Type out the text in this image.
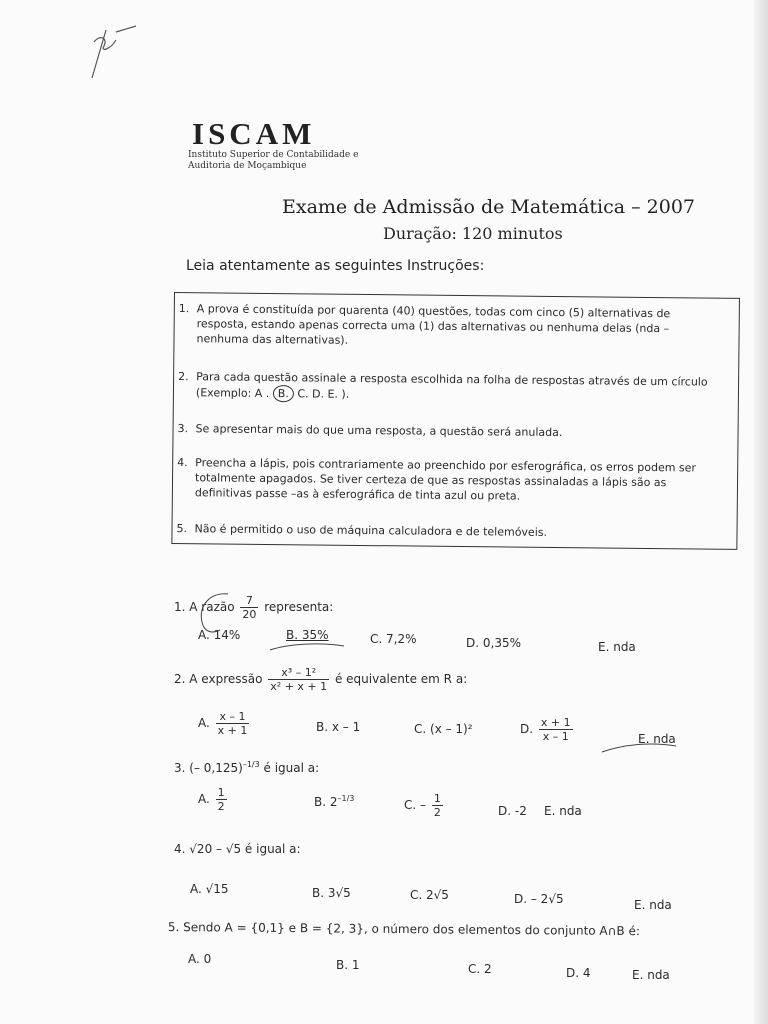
ISCAM
Instituto Superior de Contabilidade e
Auditoria de Moçambique
Exame de Admissão de Matemática – 2007
Duração: 120 minutos
Leia atentamente as seguintes Instruções:
1. A prova é constituída por quarenta (40) questões, todas com cinco (5) alternativas de resposta, estando apenas correcta uma (1) das alternativas ou nenhuma delas (nda – nenhuma das alternativas).
2. Para cada questão assinale a resposta escolhida na folha de respostas através de um círculo (Exemplo: A . B. C. D. E. ).
3. Se apresentar mais do que uma resposta, a questão será anulada.
4. Preencha a lápis, pois contrariamente ao preenchido por esferográfica, os erros podem ser totalmente apagados. Se tiver certeza de que as respostas assinaladas a lápis são as definitivas passe –as à esferográfica de tinta azul ou preta.
5. Não é permitido o uso de máquina calculadora e de telemóveis.
1. A razão $\frac{7}{20}$ representa:
A. 14%	B. 35%	C. 7,2%	D. 0,35%	E. nda
2. A expressão $\frac{\text{x³ – 1²}}{\text{x² + x + 1}}$ é equivalente em R a:
A. $\frac{x - 1}{x + 1}$	B. x – 1	C. (x – 1)²	D. $\frac{x + 1}{x - 1}$	E. nda
3. (– 0,125)$^{-1/3}$ é igual a:
A. $\frac{1}{2}$	B. $2^{-1/3}$	C. – $\frac{1}{2}$	D. -2 E. nda
4. √20 – √5 é igual a:
A. √15	B. 3√5	C. 2√5	D. – 2√5	E. nda
5. Sendo A = {0,1} e B = {2, 3}, o número dos elementos do conjunto A∩B é:
A. 0	B. 1	C. 2	D. 4	E. nda
